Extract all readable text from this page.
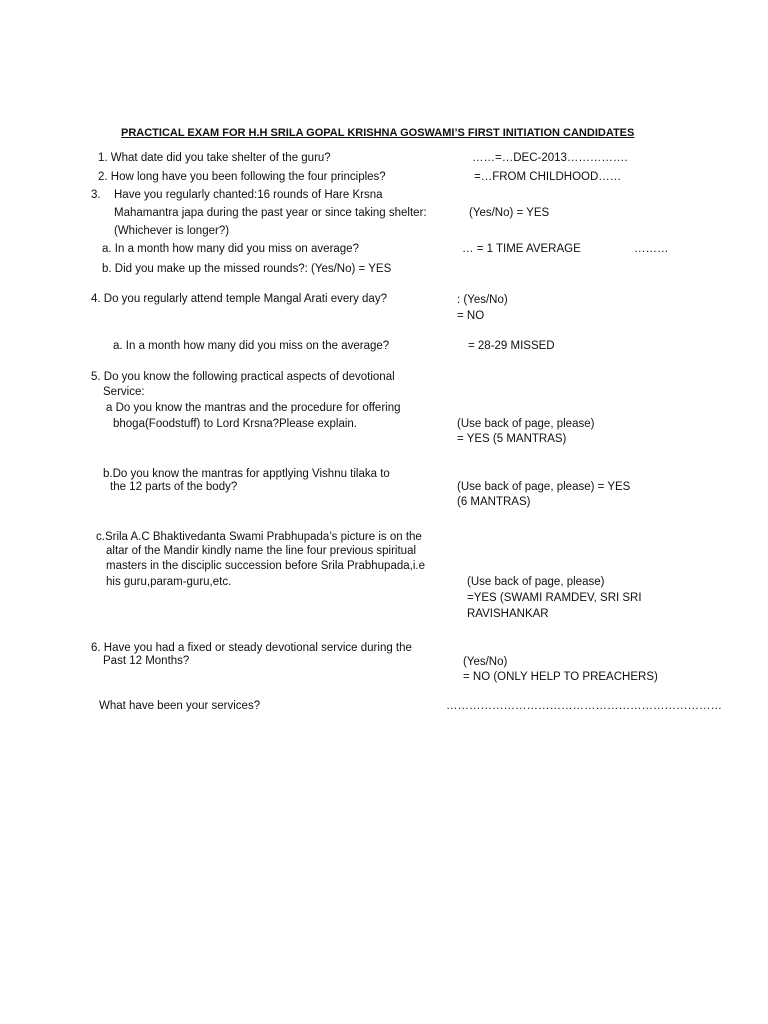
PRACTICAL EXAM FOR H.H SRILA GOPAL KRISHNA GOSWAMI’S FIRST INITIATION CANDIDATES
1. What date did you take shelter of the guru?	……=…DEC-2013…………….
2. How long have you been following the four principles?	=…FROM CHILDHOOD……
3. Have you regularly chanted:16 rounds of Hare Krsna
Mahamantra japa during the past year or since taking shelter:	(Yes/No) = YES
(Whichever is longer?)
a. In a month how many did you miss on average?	… = 1 TIME AVERAGE	………
b. Did you make up the missed rounds?: (Yes/No) = YES
4. Do you regularly attend temple Mangal Arati every day?	: (Yes/No)
= NO
a. In a month how many did you miss on the average?	= 28-29 MISSED
5. Do you know the following practical aspects of devotional
Service:
a Do you know the mantras and the procedure for offering
bhoga(Foodstuff) to Lord Krsna?Please explain.	(Use back of page, please)
= YES (5 MANTRAS)
b.Do you know the mantras for apptlying Vishnu tilaka to
the 12 parts of the body?	(Use back of page, please) = YES
(6 MANTRAS)
c.Srila A.C Bhaktivedanta Swami Prabhupada’s picture is on the
altar of the Mandir kindly name the line four previous spiritual
masters in the disciplic succession before Srila Prabhupada,i.e
his guru,param-guru,etc.	(Use back of page, please)
=YES (SWAMI RAMDEV, SRI SRI
RAVISHANKAR
6. Have you had a fixed or steady devotional service during the
Past 12 Months?	(Yes/No)
= NO (ONLY HELP TO PREACHERS)
What have been your services?	………………………………………………………………
